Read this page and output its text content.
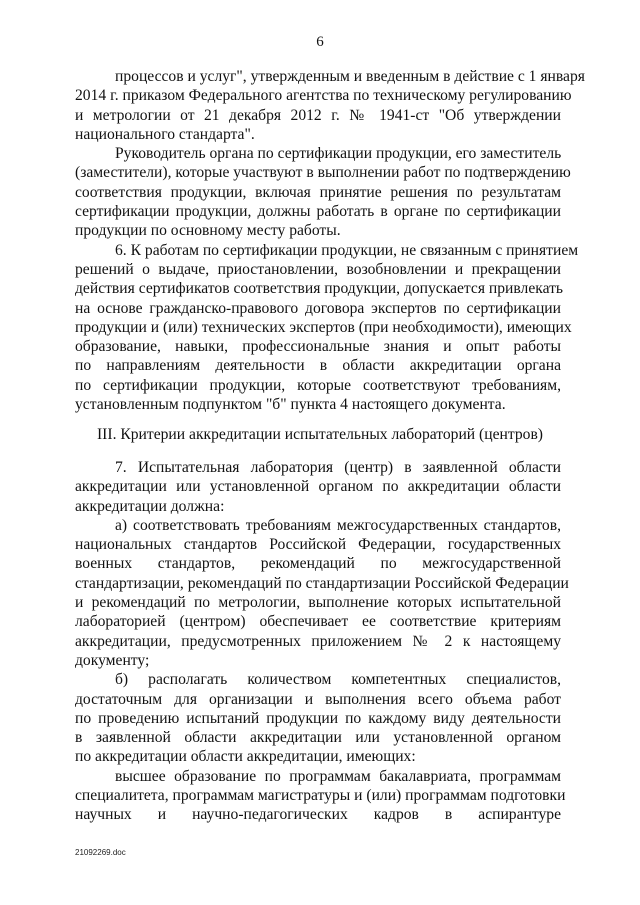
6
процессов и услуг", утвержденным и введенным в действие с 1 января
2014 г. приказом Федерального агентства по техническому регулированию
и метрологии от 21 декабря 2012 г. № 1941-ст "Об утверждении
национального стандарта".
Руководитель органа по сертификации продукции, его заместитель
(заместители), которые участвуют в выполнении работ по подтверждению
соответствия продукции, включая принятие решения по результатам
сертификации продукции, должны работать в органе по сертификации
продукции по основному месту работы.
6. К работам по сертификации продукции, не связанным с принятием
решений о выдаче, приостановлении, возобновлении и прекращении
действия сертификатов соответствия продукции, допускается привлекать
на основе гражданско-правового договора экспертов по сертификации
продукции и (или) технических экспертов (при необходимости), имеющих
образование, навыки, профессиональные знания и опыт работы
по направлениям деятельности в области аккредитации органа
по сертификации продукции, которые соответствуют требованиям,
установленным подпунктом "б" пункта 4 настоящего документа.
III. Критерии аккредитации испытательных лабораторий (центров)
7. Испытательная лаборатория (центр) в заявленной области
аккредитации или установленной органом по аккредитации области
аккредитации должна:
а) соответствовать требованиям межгосударственных стандартов,
национальных стандартов Российской Федерации, государственных
военных стандартов, рекомендаций по межгосударственной
стандартизации, рекомендаций по стандартизации Российской Федерации
и рекомендаций по метрологии, выполнение которых испытательной
лабораторией (центром) обеспечивает ее соответствие критериям
аккредитации, предусмотренных приложением № 2 к настоящему
документу;
б) располагать количеством компетентных специалистов,
достаточным для организации и выполнения всего объема работ
по проведению испытаний продукции по каждому виду деятельности
в заявленной области аккредитации или установленной органом
по аккредитации области аккредитации, имеющих:
высшее образование по программам бакалавриата, программам
специалитета, программам магистратуры и (или) программам подготовки
научных и научно-педагогических кадров в аспирантуре
21092269.doc
